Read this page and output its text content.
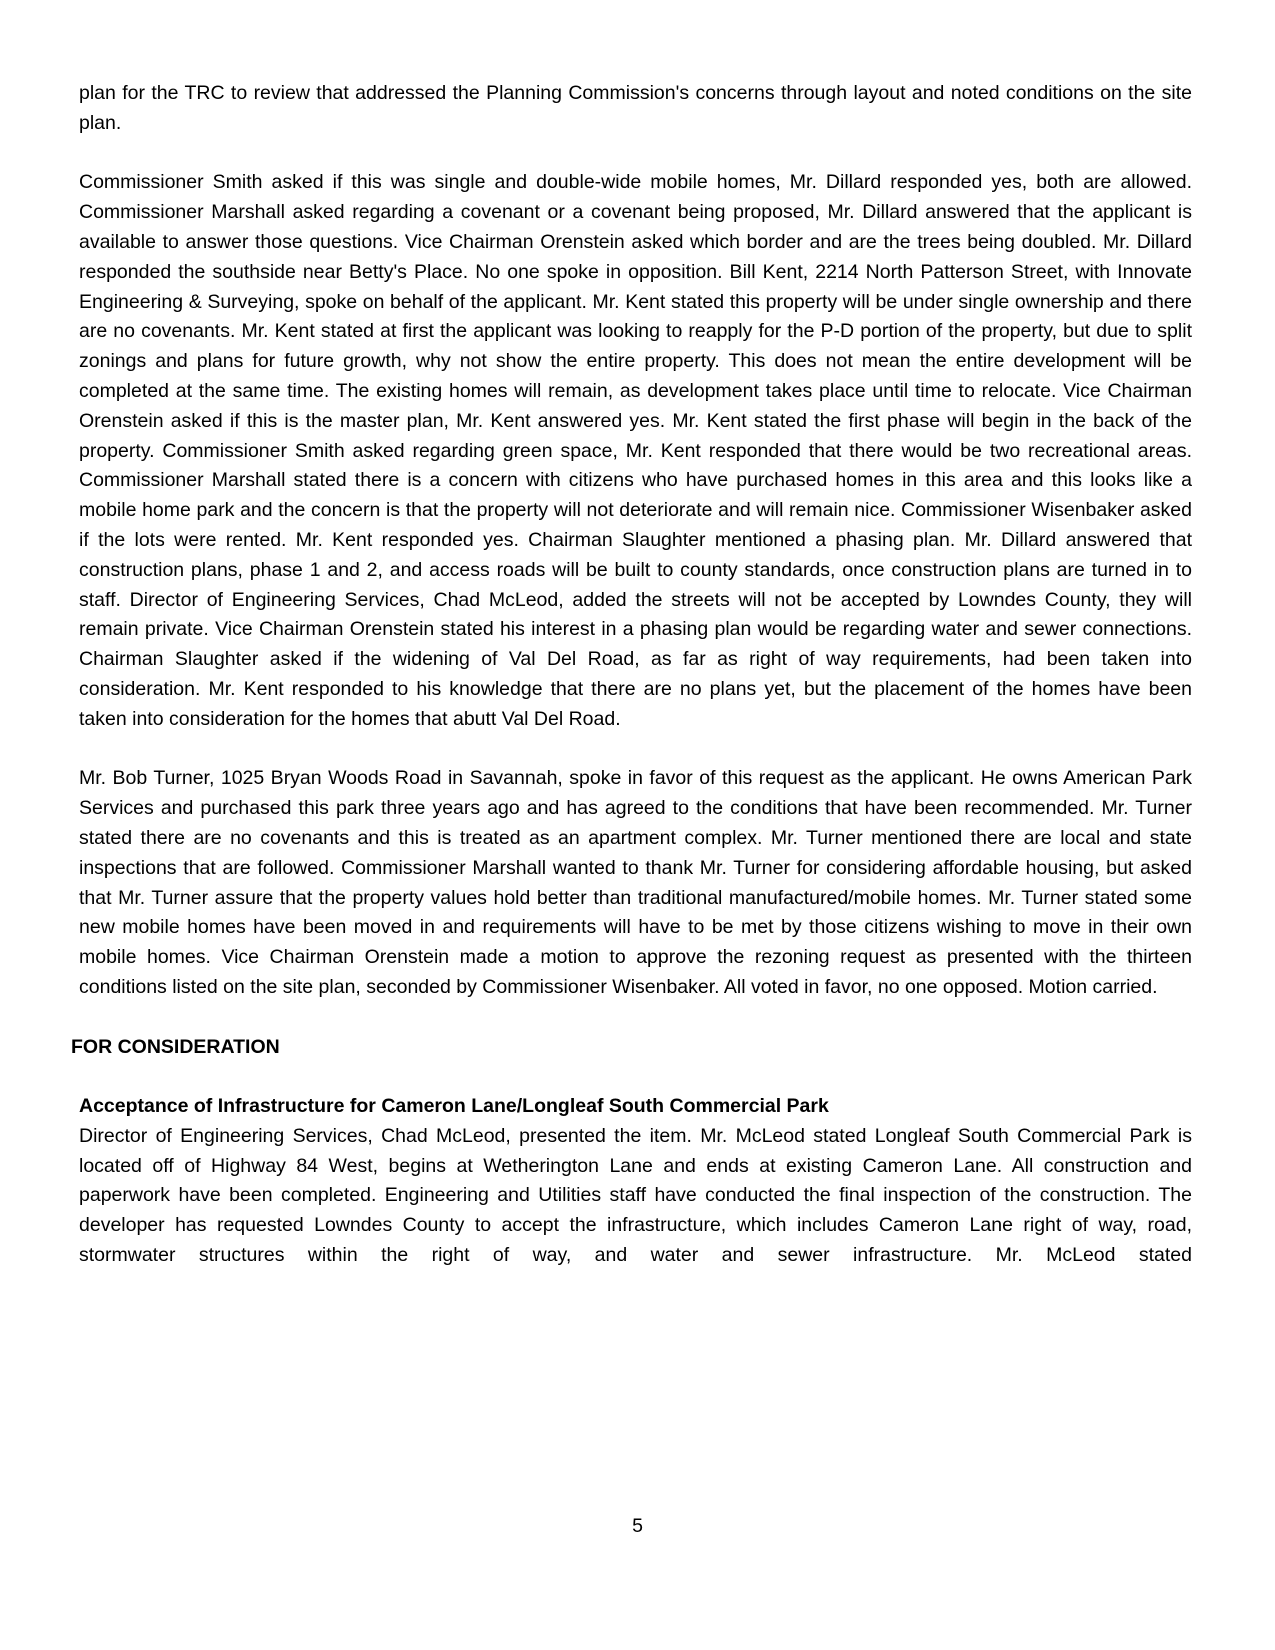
plan for the TRC to review that addressed the Planning Commission's concerns through layout and noted conditions on the site plan.

Commissioner Smith asked if this was single and double-wide mobile homes, Mr. Dillard responded yes, both are allowed. Commissioner Marshall asked regarding a covenant or a covenant being proposed, Mr. Dillard answered that the applicant is available to answer those questions. Vice Chairman Orenstein asked which border and are the trees being doubled. Mr. Dillard responded the southside near Betty's Place. No one spoke in opposition. Bill Kent, 2214 North Patterson Street, with Innovate Engineering & Surveying, spoke on behalf of the applicant. Mr. Kent stated this property will be under single ownership and there are no covenants. Mr. Kent stated at first the applicant was looking to reapply for the P-D portion of the property, but due to split zonings and plans for future growth, why not show the entire property. This does not mean the entire development will be completed at the same time. The existing homes will remain, as development takes place until time to relocate. Vice Chairman Orenstein asked if this is the master plan, Mr. Kent answered yes. Mr. Kent stated the first phase will begin in the back of the property. Commissioner Smith asked regarding green space, Mr. Kent responded that there would be two recreational areas. Commissioner Marshall stated there is a concern with citizens who have purchased homes in this area and this looks like a mobile home park and the concern is that the property will not deteriorate and will remain nice. Commissioner Wisenbaker asked if the lots were rented. Mr. Kent responded yes. Chairman Slaughter mentioned a phasing plan. Mr. Dillard answered that construction plans, phase 1 and 2, and access roads will be built to county standards, once construction plans are turned in to staff. Director of Engineering Services, Chad McLeod, added the streets will not be accepted by Lowndes County, they will remain private. Vice Chairman Orenstein stated his interest in a phasing plan would be regarding water and sewer connections. Chairman Slaughter asked if the widening of Val Del Road, as far as right of way requirements, had been taken into consideration. Mr. Kent responded to his knowledge that there are no plans yet, but the placement of the homes have been taken into consideration for the homes that abutt Val Del Road.

Mr. Bob Turner, 1025 Bryan Woods Road in Savannah, spoke in favor of this request as the applicant. He owns American Park Services and purchased this park three years ago and has agreed to the conditions that have been recommended. Mr. Turner stated there are no covenants and this is treated as an apartment complex. Mr. Turner mentioned there are local and state inspections that are followed. Commissioner Marshall wanted to thank Mr. Turner for considering affordable housing, but asked that Mr. Turner assure that the property values hold better than traditional manufactured/mobile homes. Mr. Turner stated some new mobile homes have been moved in and requirements will have to be met by those citizens wishing to move in their own mobile homes. Vice Chairman Orenstein made a motion to approve the rezoning request as presented with the thirteen conditions listed on the site plan, seconded by Commissioner Wisenbaker. All voted in favor, no one opposed. Motion carried.

FOR CONSIDERATION
Acceptance of Infrastructure for Cameron Lane/Longleaf South Commercial Park

Director of Engineering Services, Chad McLeod, presented the item. Mr. McLeod stated Longleaf South Commercial Park is located off of Highway 84 West, begins at Wetherington Lane and ends at existing Cameron Lane. All construction and paperwork have been completed. Engineering and Utilities staff have conducted the final inspection of the construction. The developer has requested Lowndes County to accept the infrastructure, which includes Cameron Lane right of way, road, stormwater structures within the right of way, and water and sewer infrastructure. Mr. McLeod stated

5
